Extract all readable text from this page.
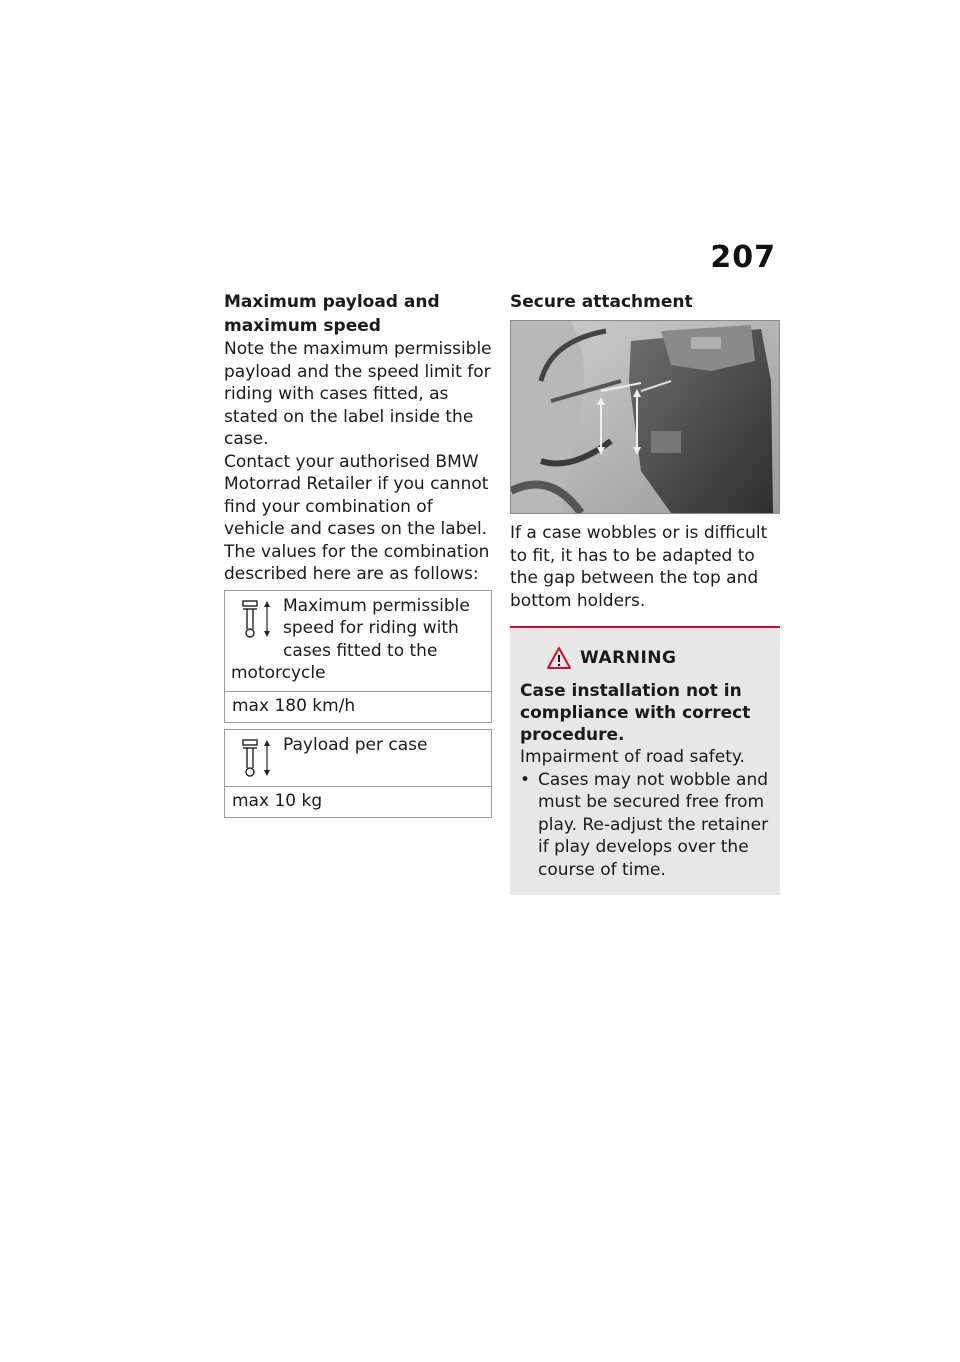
207
Maximum payload and maximum speed

Note the maximum permissible payload and the speed limit for riding with cases fitted, as stated on the label inside the case.

Contact your authorised BMW Motorrad Retailer if you cannot find your combination of vehicle and cases on the label.

The values for the combination described here are as follows:

Maximum permissible speed for riding with cases fitted to the motorcycle
max 180 km/h
Payload per case
max 10 kg
Secure attachment

If a case wobbles or is difficult to fit, it has to be adapted to the gap between the top and bottom holders.

WARNING

Case installation not in compliance with correct procedure.

Impairment of road safety.

• Cases may not wobble and must be secured free from play. Re-adjust the retainer if play develops over the course of time.
